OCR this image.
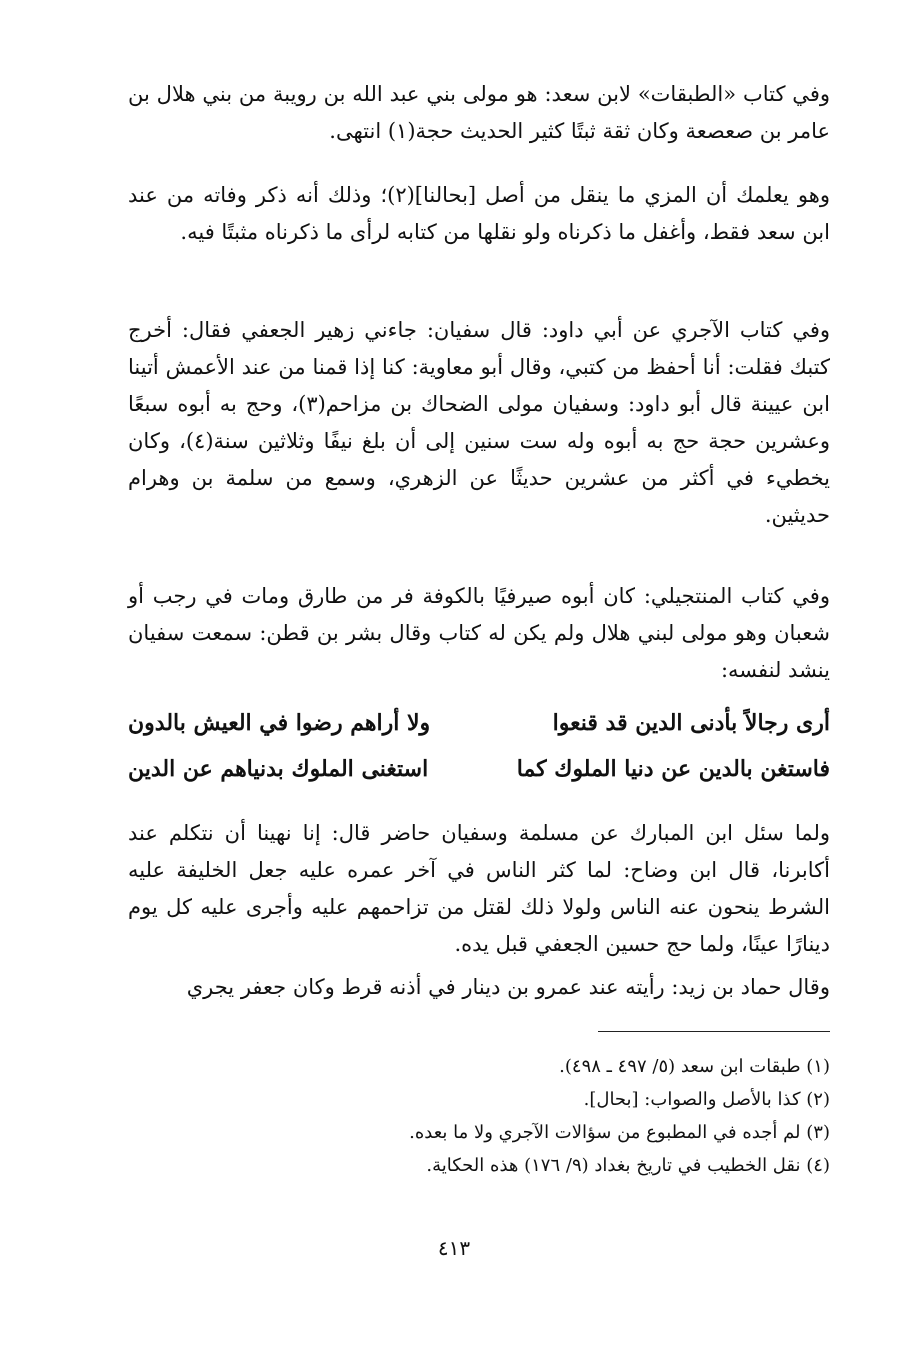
وفي كتاب «الطبقات» لابن سعد: هو مولى بني عبد الله بن رويبة من بني هلال بن عامر بن صعصعة وكان ثقة ثبتًا كثير الحديث حجة(١) انتهى.

وهو يعلمك أن المزي ما ينقل من أصل [بحالنا](٢)؛ وذلك أنه ذكر وفاته من عند ابن سعد فقط، وأغفل ما ذكرناه ولو نقلها من كتابه لرأى ما ذكرناه مثبتًا فيه.

وفي كتاب الآجري عن أبي داود: قال سفيان: جاءني زهير الجعفي فقال: أخرج كتبك فقلت: أنا أحفظ من كتبي، وقال أبو معاوية: كنا إذا قمنا من عند الأعمش أتينا ابن عيينة قال أبو داود: وسفيان مولى الضحاك بن مزاحم(٣)، وحج به أبوه سبعًا وعشرين حجة حج به أبوه وله ست سنين إلى أن بلغ نيفًا وثلاثين سنة(٤)، وكان يخطيء في أكثر من عشرين حديثًا عن الزهري، وسمع من سلمة بن وهرام حديثين.

وفي كتاب المنتجيلي: كان أبوه صيرفيًا بالكوفة فر من طارق ومات في رجب أو شعبان وهو مولى لبني هلال ولم يكن له كتاب وقال بشر بن قطن: سمعت سفيان ينشد لنفسه:

أرى رجالاً بأدنى الدين قد قنعوا
ولا أراهم رضوا في العيش بالدون
فاستغن بالدين عن دنيا الملوك كما
استغنى الملوك بدنياهم عن الدين

ولما سئل ابن المبارك عن مسلمة وسفيان حاضر قال: إنا نهينا أن نتكلم عند أكابرنا، قال ابن وضاح: لما كثر الناس في آخر عمره عليه جعل الخليفة عليه الشرط ينحون عنه الناس ولولا ذلك لقتل من تزاحمهم عليه وأجرى عليه كل يوم دينارًا عينًا، ولما حج حسين الجعفي قبل يده.

وقال حماد بن زيد: رأيته عند عمرو بن دينار في أذنه قرط وكان جعفر يجري

(١) طبقات ابن سعد (٥/ ٤٩٧ ـ ٤٩٨).
(٢) كذا بالأصل والصواب: [بحال].
(٣) لم أجده في المطبوع من سؤالات الآجري ولا ما بعده.
(٤) نقل الخطيب في تاريخ بغداد (٩/ ١٧٦) هذه الحكاية.
٤١٣
